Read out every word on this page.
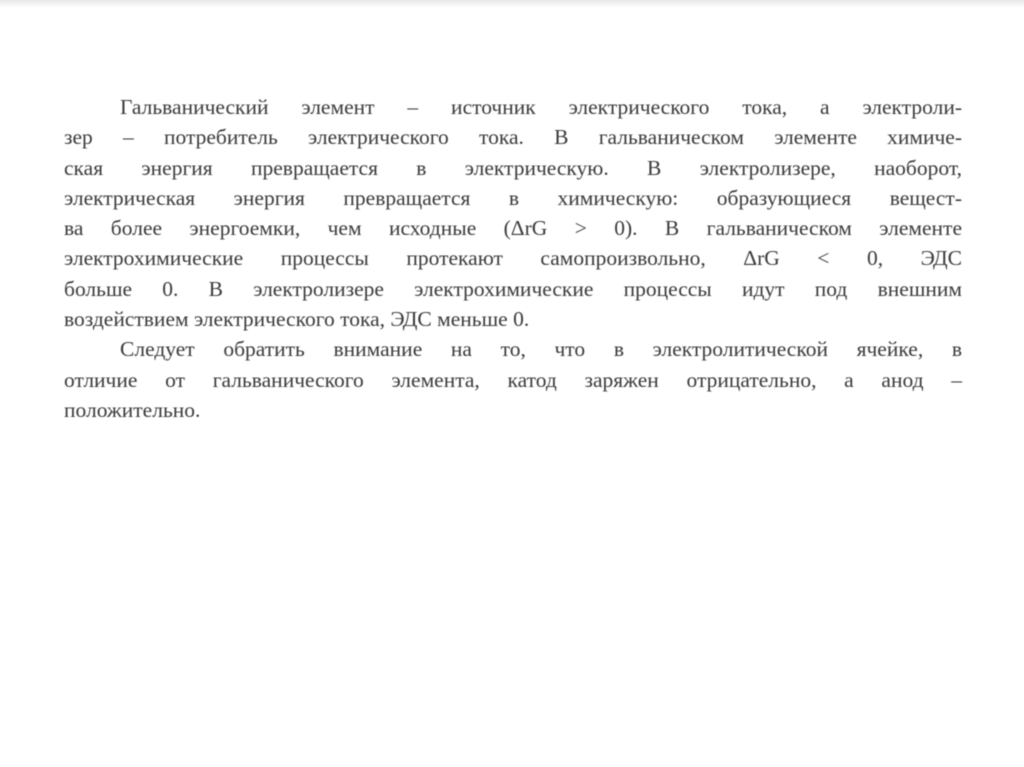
Гальванический элемент – источник электрического тока, а электроли-
зер – потребитель электрического тока. В гальваническом элементе химиче-
ская энергия превращается в электрическую. В электролизере, наоборот,
электрическая энергия превращается в химическую: образующиеся вещест-
ва более энергоемки, чем исходные (ΔrG > 0). В гальваническом элементе
электрохимические процессы протекают самопроизвольно, ΔrG < 0, ЭДС
больше 0. В электролизере электрохимические процессы идут под внешним
воздействием электрического тока, ЭДС меньше 0.
Следует обратить внимание на то, что в электролитической ячейке, в
отличие от гальванического элемента, катод заряжен отрицательно, а анод –
положительно.
